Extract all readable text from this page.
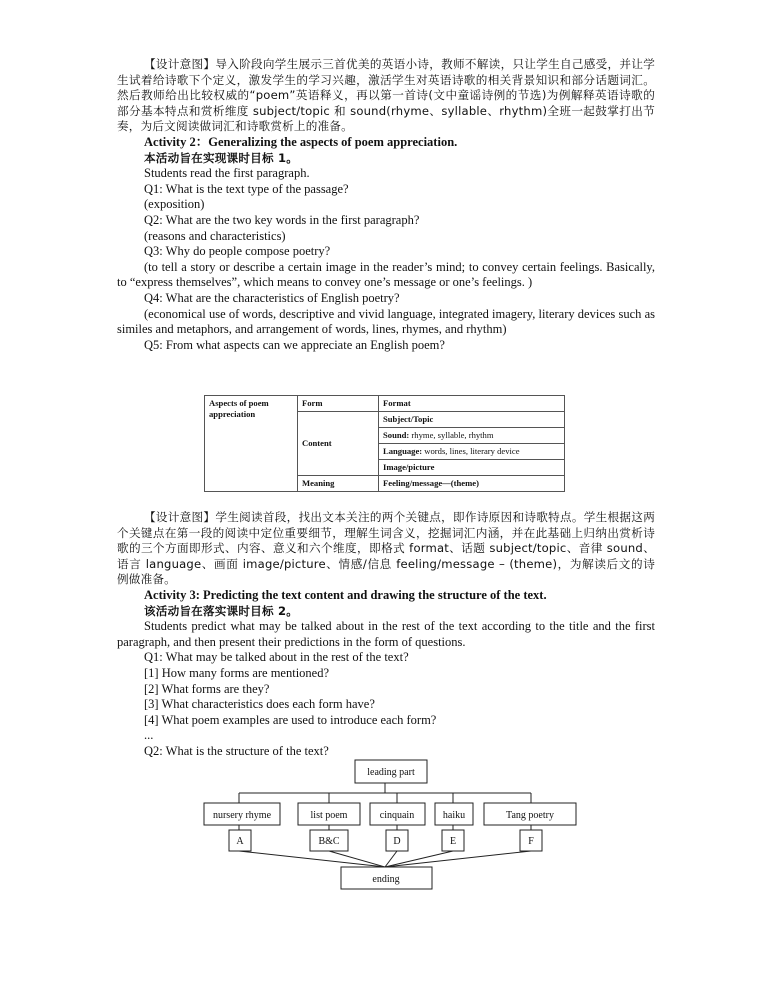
【设计意图】导入阶段向学生展示三首优美的英语小诗，教师不解读，只让学生自己感受，并让学生试着给诗歌下个定义，激发学生的学习兴趣，激活学生对英语诗歌的相关背景知识和部分话题词汇。然后教师给出比较权威的“poem”英语释义，再以第一首诗(文中童谣诗例的节选)为例解释英语诗歌的部分基本特点和赏析维度 subject/topic 和 sound(rhyme、syllable、rhythm)全班一起鼓掌打出节奏，为后文阅读做词汇和诗歌赏析上的准备。

Activity 2：Generalizing the aspects of poem appreciation.

本活动旨在实现课时目标 1。

Students read the first paragraph.

Q1: What is the text type of the passage?

(exposition)

Q2: What are the two key words in the first paragraph?

(reasons and characteristics)

Q3: Why do people compose poetry?

(to tell a story or describe a certain image in the reader’s mind; to convey certain feelings. Basically, to “express themselves”, which means to convey one’s message or one’s feelings. )

Q4: What are the characteristics of English poetry?

(economical use of words, descriptive and vivid language, integrated imagery, literary devices such as similes and metaphors, and arrangement of words, lines, rhymes, and rhythm)

Q5: From what aspects can we appreciate an English poem?

Aspects of poem appreciation	Form	Format
	Content	Subject/Topic
		Sound: rhyme, syllable, rhythm
		Language: words, lines, literary device
		Image/picture
	Meaning	Feeling/message—(theme)

【设计意图】学生阅读首段，找出文本关注的两个关键点，即作诗原因和诗歌特点。学生根据这两个关键点在第一段的阅读中定位重要细节，理解生词含义，挖掘词汇内涵，并在此基础上归纳出赏析诗歌的三个方面即形式、内容、意义和六个维度，即格式 format、话题 subject/topic、音律 sound、语言 language、画面 image/picture、情感/信息 feeling/message – (theme)，为解读后文的诗例做准备。

Activity 3: Predicting the text content and drawing the structure of the text.

该活动旨在落实课时目标 2。

Students predict what may be talked about in the rest of the text according to the title and the first paragraph, and then present their predictions in the form of questions.

Q1: What may be talked about in the rest of the text?

[1] How many forms are mentioned?

[2] What forms are they?

[3] What characteristics does each form have?

[4] What poem examples are used to introduce each form?

...

Q2: What is the structure of the text?

leading part
nursery rhyme	list poem	cinquain	haiku	Tang poetry
A	B&C	D	E	F
ending
